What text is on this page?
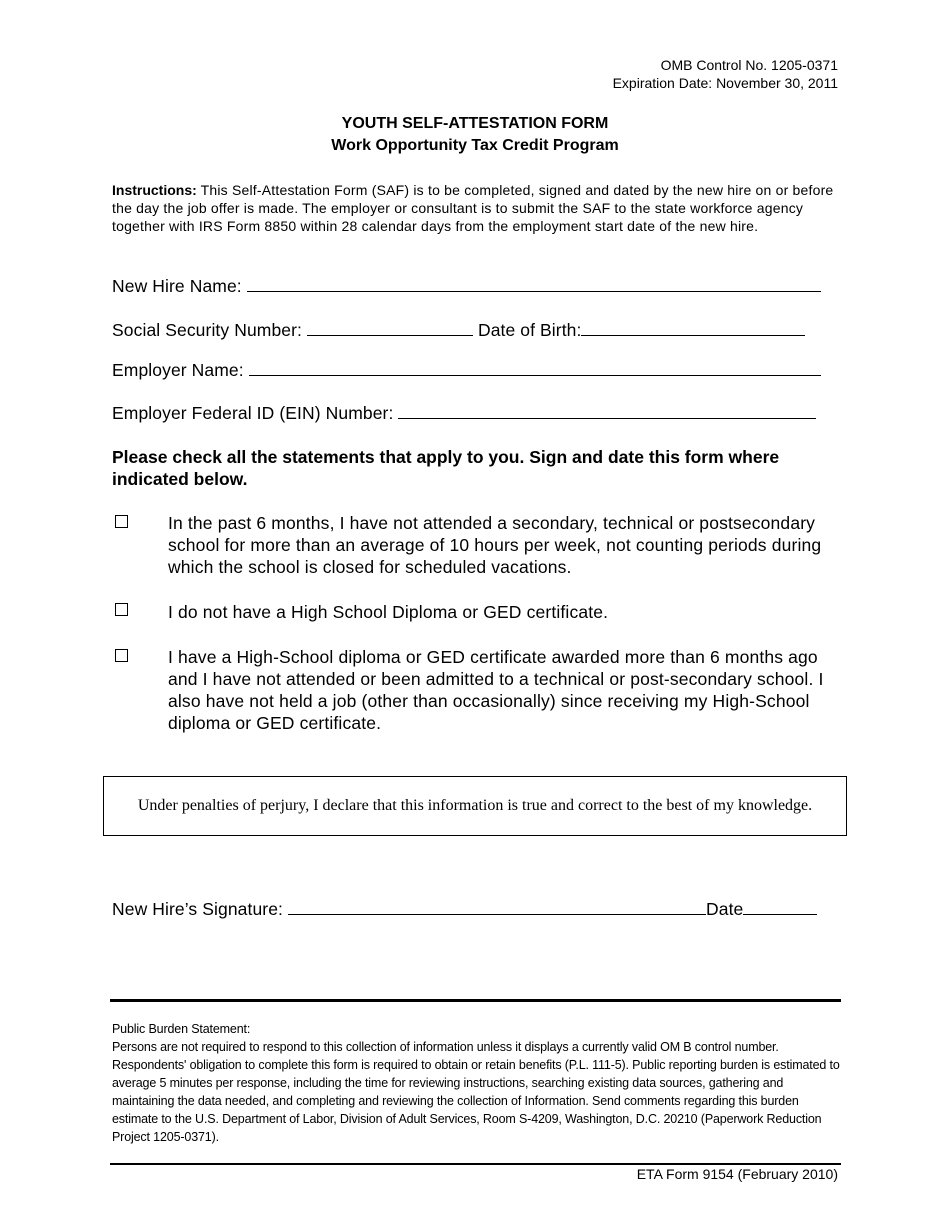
OMB Control No. 1205-0371
Expiration Date: November 30, 2011
YOUTH SELF-ATTESTATION FORM
Work Opportunity Tax Credit Program
Instructions: This Self-Attestation Form (SAF) is to be completed, signed and dated by the new hire on or before the day the job offer is made. The employer or consultant is to submit the SAF to the state workforce agency together with IRS Form 8850 within 28 calendar days from the employment start date of the new hire.
New Hire Name:
Social Security Number:	Date of Birth:
Employer Name:
Employer Federal ID (EIN) Number:
Please check all the statements that apply to you. Sign and date this form where indicated below.
In the past 6 months, I have not attended a secondary, technical or postsecondary school for more than an average of 10 hours per week, not counting periods during which the school is closed for scheduled vacations.
I do not have a High School Diploma or GED certificate.
I have a High-School diploma or GED certificate awarded more than 6 months ago and I have not attended or been admitted to a technical or post-secondary school. I also have not held a job (other than occasionally) since receiving my High-School diploma or GED certificate.
Under penalties of perjury, I declare that this information is true and correct to the best of my knowledge.
New Hire’s Signature:	Date
Public Burden Statement:
Persons are not required to respond to this collection of information unless it displays a currently valid OM B control number. Respondents' obligation to complete this form is required to obtain or retain benefits (P.L. 111-5). Public reporting burden is estimated to average 5 minutes per response, including the time for reviewing instructions, searching existing data sources, gathering and maintaining the data needed, and completing and reviewing the collection of Information. Send comments regarding this burden estimate to the U.S. Department of Labor, Division of Adult Services, Room S-4209, Washington, D.C. 20210 (Paperwork Reduction Project 1205-0371).
ETA Form 9154 (February 2010)
